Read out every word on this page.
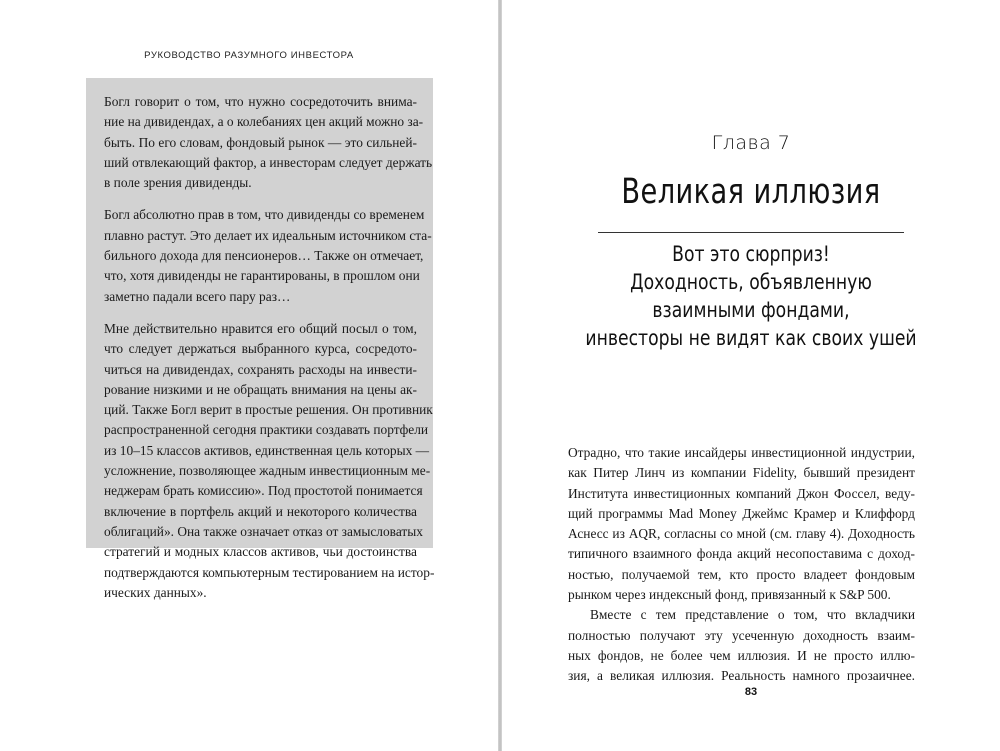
РУКОВОДСТВО РАЗУМНОГО ИНВЕСТОРА
Богл говорит о том, что нужно сосредоточить внима-
ние на дивидендах, а о колебаниях цен акций можно за-
быть. По его словам, фондовый рынок — это сильней-
ший отвлекающий фактор, а инвесторам следует держать
в поле зрения дивиденды.
Богл абсолютно прав в том, что дивиденды со временем
плавно растут. Это делает их идеальным источником ста-
бильного дохода для пенсионеров… Также он отмечает,
что, хотя дивиденды не гарантированы, в прошлом они
заметно падали всего пару раз…
Мне действительно нравится его общий посыл о том,
что следует держаться выбранного курса, сосредото-
читься на дивидендах, сохранять расходы на инвести-
рование низкими и не обращать внимания на цены ак-
ций. Также Богл верит в простые решения. Он противник
распространенной сегодня практики создавать портфели
из 10–15 классов активов, единственная цель которых —
усложнение, позволяющее жадным инвестиционным ме-
неджерам брать комиссию». Под простотой понимается
включение в портфель акций и некоторого количества
облигаций». Она также означает отказ от замысловатых
стратегий и модных классов активов, чьи достоинства
подтверждаются компьютерным тестированием на истор-
ических данных».
Глава 7
Великая иллюзия
Вот это сюрприз!
Доходность, объявленную
взаимными фондами,
инвесторы не видят как своих ушей
Отрадно, что такие инсайдеры инвестиционной индустрии,
как Питер Линч из компании Fidelity, бывший президент
Института инвестиционных компаний Джон Фоссел, веду-
щий программы Mad Money Джеймс Крамер и Клиффорд
Аснесс из AQR, согласны со мной (см. главу 4). Доходность
типичного взаимного фонда акций несопоставима с доход-
ностью, получаемой тем, кто просто владеет фондовым
рынком через индексный фонд, привязанный к S&P 500.
Вместе с тем представление о том, что вкладчики
полностью получают эту усеченную доходность взаим-
ных фондов, не более чем иллюзия. И не просто иллю-
зия, а великая иллюзия. Реальность намного прозаичнее.
83
